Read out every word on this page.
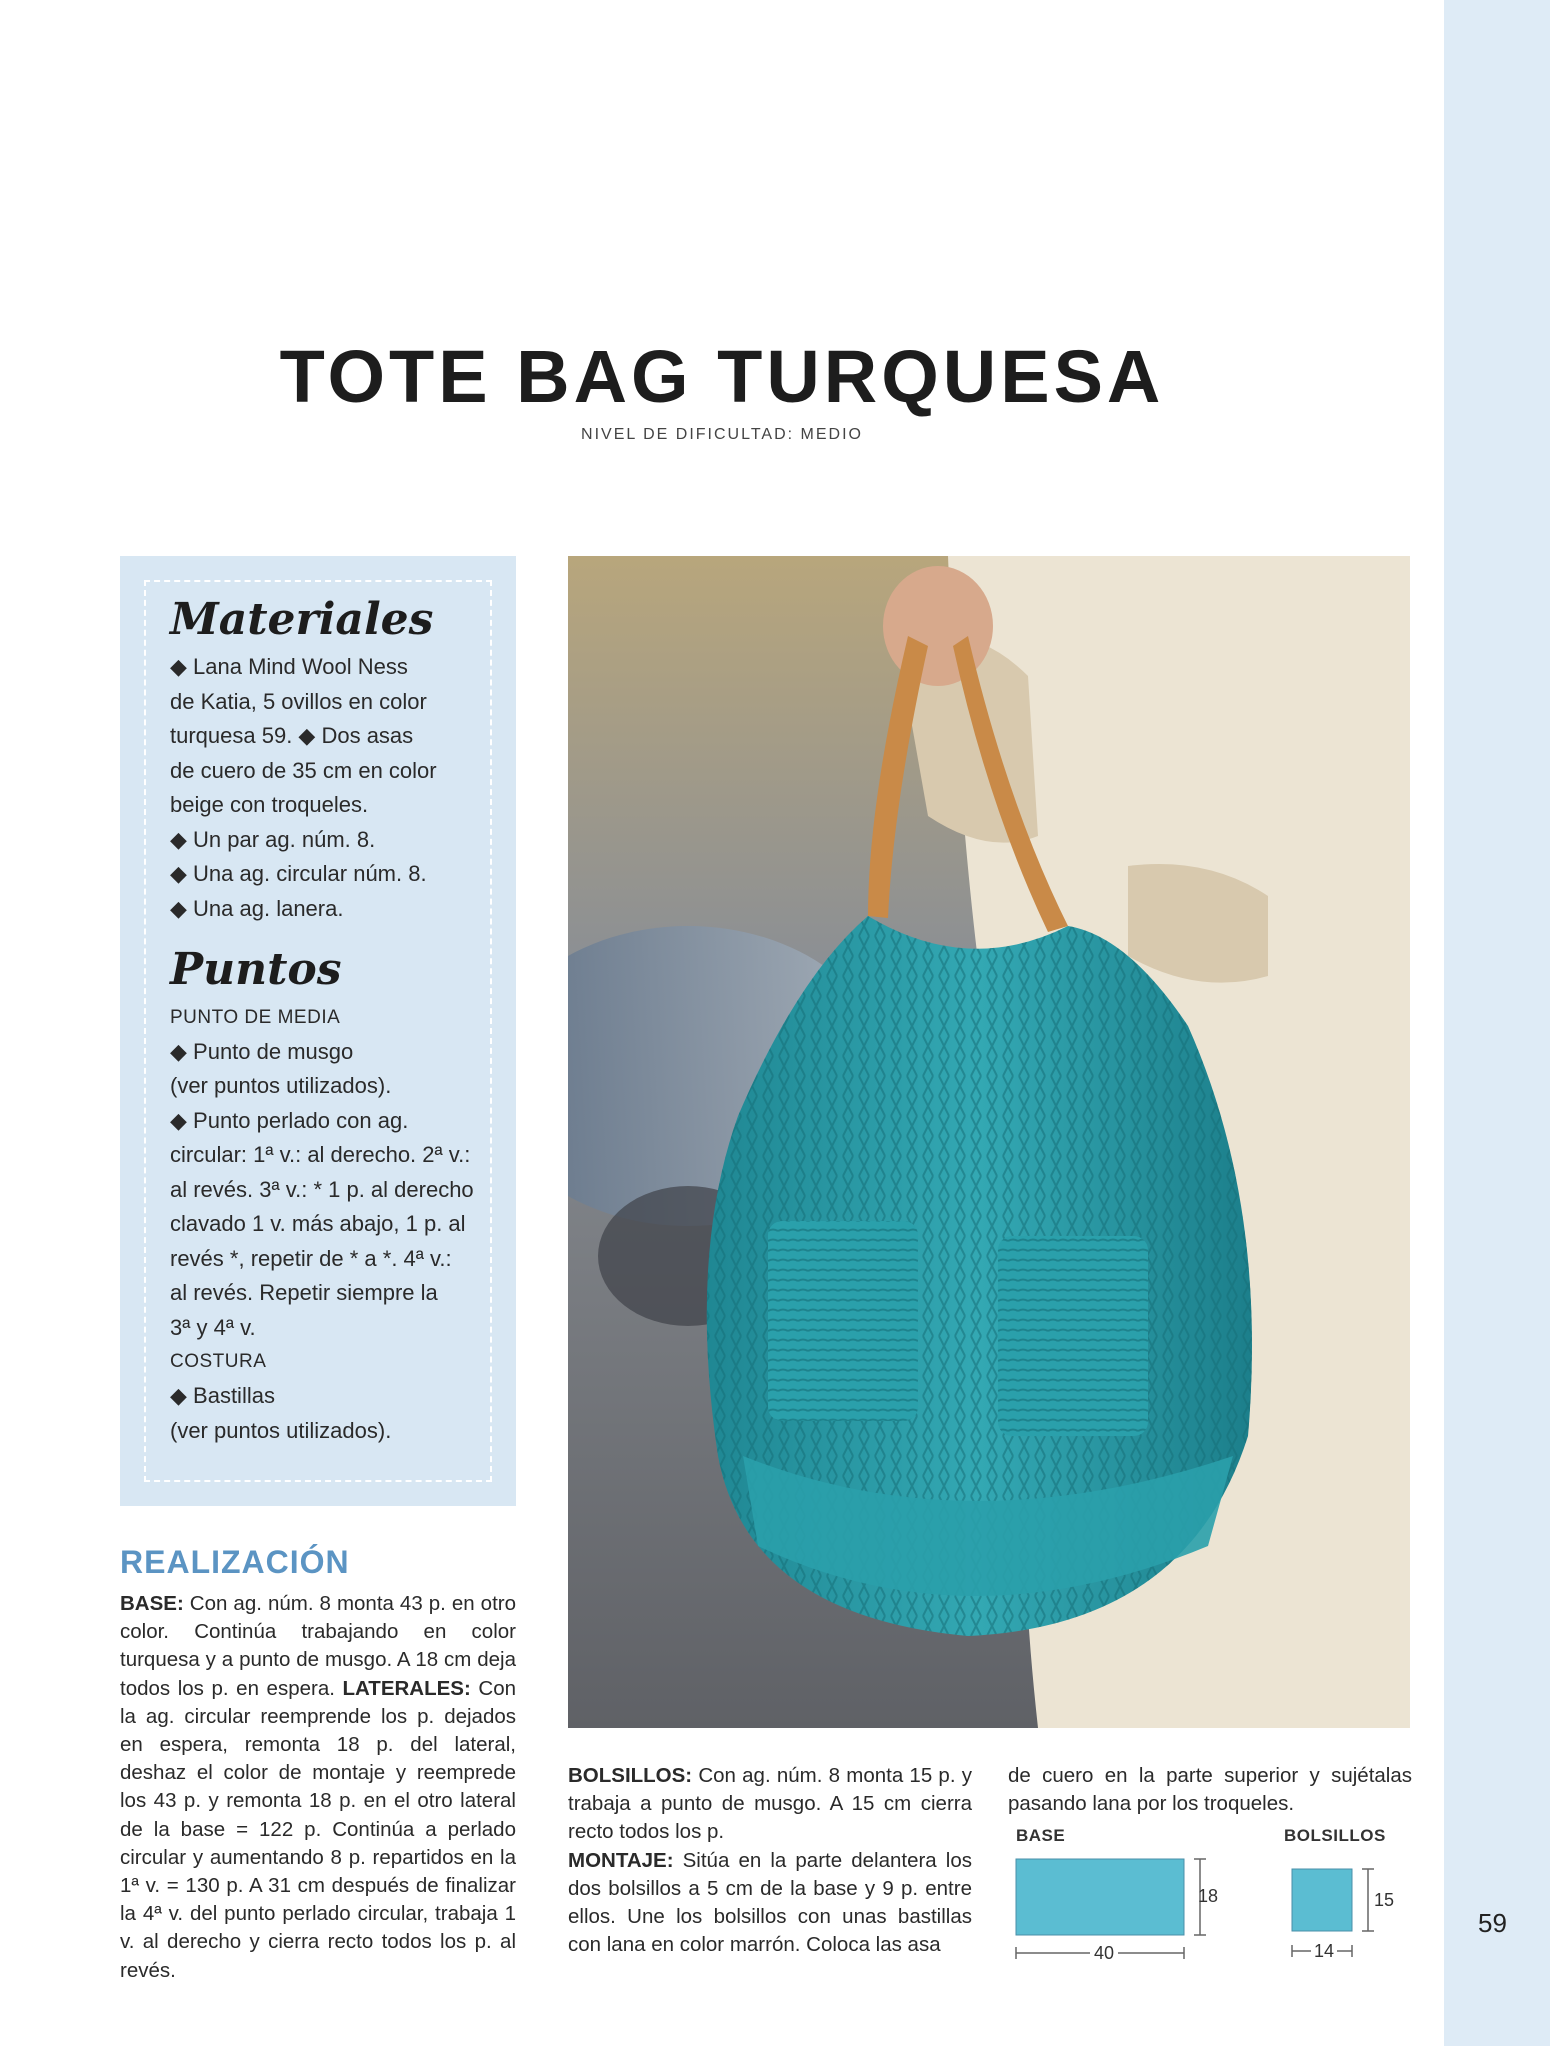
TOTE BAG TURQUESA
NIVEL DE DIFICULTAD: MEDIO
Materiales
◆ Lana Mind Wool Ness
de Katia, 5 ovillos en color
turquesa 59. ◆ Dos asas
de cuero de 35 cm en color
beige con troqueles.
◆ Un par ag. núm. 8.
◆ Una ag. circular núm. 8.
◆ Una ag. lanera.
Puntos
PUNTO DE MEDIA
◆ Punto de musgo
(ver puntos utilizados).
◆ Punto perlado con ag.
circular: 1ª v.: al derecho. 2ª v.:
al revés. 3ª v.: * 1 p. al derecho
clavado 1 v. más abajo, 1 p. al
revés *, repetir de * a *. 4ª v.:
al revés. Repetir siempre la
3ª y 4ª v.
COSTURA
◆ Bastillas
(ver puntos utilizados).
REALIZACIÓN
BASE: Con ag. núm. 8 monta 43 p. en otro color. Continúa trabajando en color turquesa y a punto de musgo. A 18 cm deja todos los p. en espera. LATERALES: Con la ag. circular reemprende los p. dejados en espera, remonta 18 p. del lateral, deshaz el color de montaje y reemprede los 43 p. y remonta 18 p. en el otro lateral de la base = 122 p. Continúa a perlado circular y aumentando 8 p. repartidos en la 1ª v. = 130 p. A 31 cm después de finalizar la 4ª v. del punto perlado circular, trabaja 1 v. al derecho y cierra recto todos los p. al revés.
BOLSILLOS: Con ag. núm. 8 monta 15 p. y trabaja a punto de musgo. A 15 cm cierra recto todos los p.
MONTAJE: Sitúa en la parte delantera los dos bolsillos a 5 cm de la base y 9 p. entre ellos. Une los bolsillos con unas bastillas con lana en color marrón. Coloca las asa
de cuero en la parte superior y sujétalas pasando lana por los troqueles.
BASE	BOLSILLOS
18
40
15
14
59
